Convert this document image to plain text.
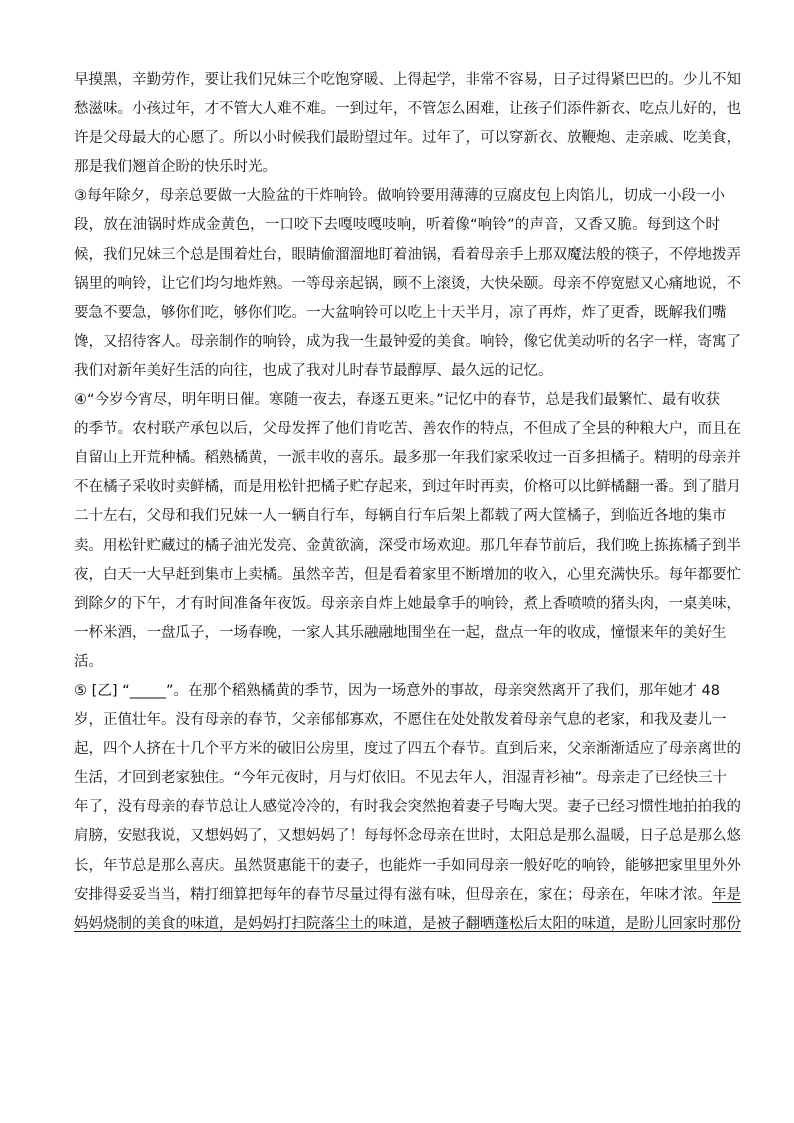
早摸黑，辛勤劳作，要让我们兄妹三个吃饱穿暖、上得起学，非常不容易，日子过得紧巴巴的。少儿不知
愁滋味。小孩过年，才不管大人难不难。一到过年，不管怎么困难，让孩子们添件新衣、吃点儿好的，也
许是父母最大的心愿了。所以小时候我们最盼望过年。过年了，可以穿新衣、放鞭炮、走亲戚、吃美食，
那是我们翘首企盼的快乐时光。
③每年除夕，母亲总要做一大脸盆的干炸响铃。做响铃要用薄薄的豆腐皮包上肉馅儿，切成一小段一小
段，放在油锅时炸成金黄色，一口咬下去嘎吱嘎吱响，听着像“响铃”的声音，又香又脆。每到这个时
候，我们兄妹三个总是围着灶台，眼睛偷溜溜地盯着油锅，看着母亲手上那双魔法般的筷子，不停地拨弄
锅里的响铃，让它们均匀地炸熟。一等母亲起锅，顾不上滚烫，大快朵颐。母亲不停宽慰又心痛地说，不
要急不要急，够你们吃，够你们吃。一大盆响铃可以吃上十天半月，凉了再炸，炸了更香，既解我们嘴
馋，又招待客人。母亲制作的响铃，成为我一生最钟爱的美食。响铃，像它优美动听的名字一样，寄寓了
我们对新年美好生活的向往，也成了我对儿时春节最醇厚、最久远的记忆。
④“今岁今宵尽，明年明日催。寒随一夜去，春逐五更来。”记忆中的春节，总是我们最繁忙、最有收获
的季节。农村联产承包以后，父母发挥了他们肯吃苦、善农作的特点，不但成了全县的种粮大户，而且在
自留山上开荒种橘。稻熟橘黄，一派丰收的喜乐。最多那一年我们家采收过一百多担橘子。精明的母亲并
不在橘子采收时卖鲜橘，而是用松针把橘子贮存起来，到过年时再卖，价格可以比鲜橘翻一番。到了腊月
二十左右，父母和我们兄妹一人一辆自行车，每辆自行车后架上都载了两大筐橘子，到临近各地的集市
卖。用松针贮藏过的橘子油光发亮、金黄欲滴，深受市场欢迎。那几年春节前后，我们晚上拣拣橘子到半
夜，白天一大早赶到集市上卖橘。虽然辛苦，但是看着家里不断增加的收入，心里充满快乐。每年都要忙
到除夕的下午，才有时间准备年夜饭。母亲亲自炸上她最拿手的响铃，煮上香喷喷的猪头肉，一桌美味，
一杯米酒，一盘瓜子，一场春晚，一家人其乐融融地围坐在一起，盘点一年的收成，憧憬来年的美好生
活。
⑤ [乙] “_____”。在那个稻熟橘黄的季节，因为一场意外的事故，母亲突然离开了我们，那年她才 48
岁，正值壮年。没有母亲的春节，父亲郁郁寡欢，不愿住在处处散发着母亲气息的老家，和我及妻儿一
起，四个人挤在十几个平方米的破旧公房里，度过了四五个春节。直到后来，父亲渐渐适应了母亲离世的
生活，才回到老家独住。“今年元夜时，月与灯依旧。不见去年人，泪湿青衫袖”。母亲走了已经快三十
年了，没有母亲的春节总让人感觉冷冷的，有时我会突然抱着妻子号啕大哭。妻子已经习惯性地拍拍我的
肩膀，安慰我说，又想妈妈了，又想妈妈了！每每怀念母亲在世时，太阳总是那么温暖，日子总是那么悠
长，年节总是那么喜庆。虽然贤惠能干的妻子，也能炸一手如同母亲一般好吃的响铃，能够把家里里外外
安排得妥妥当当，精打细算把每年的春节尽量过得有滋有味，但母亲在，家在；母亲在，年味才浓。年是
妈妈烧制的美食的味道，是妈妈打扫院落尘土的味道，是被子翻晒蓬松后太阳的味道，是盼儿回家时那份
